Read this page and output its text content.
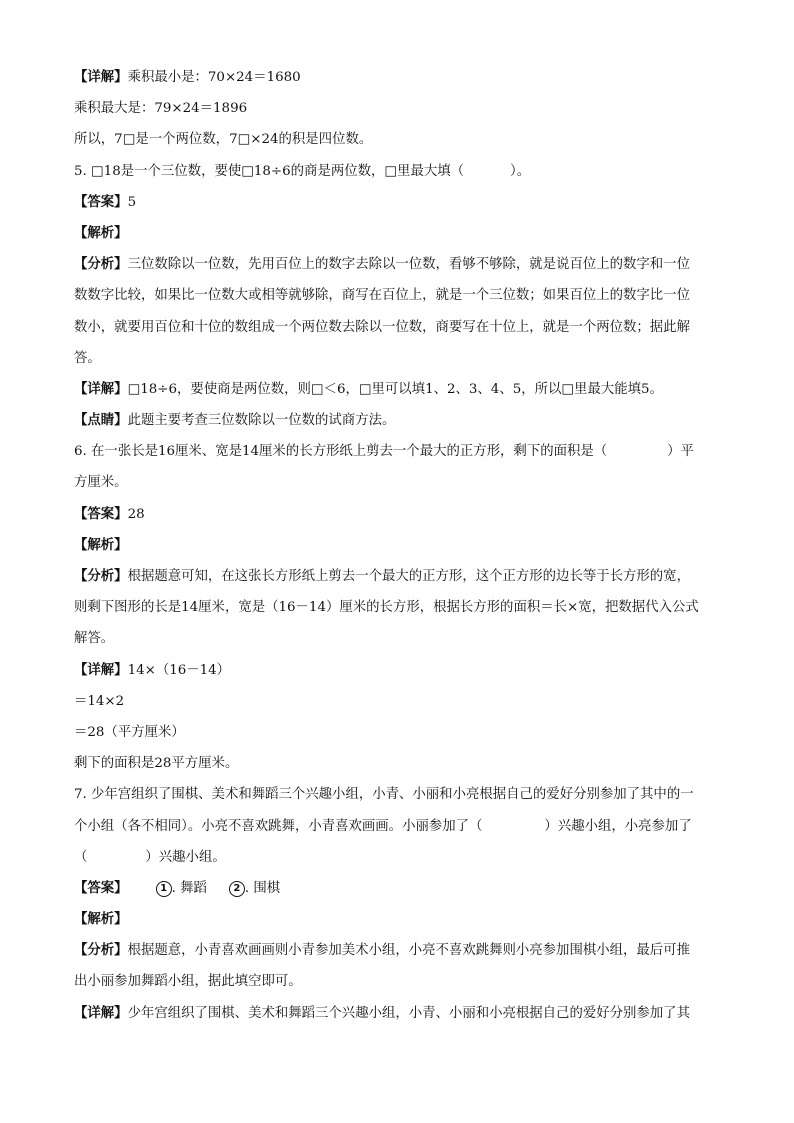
【详解】乘积最小是：70×24＝1680
乘积最大是：79×24＝1896
所以，7□是一个两位数，7□×24的积是四位数。
5. □18是一个三位数，要使□18÷6的商是两位数，□里最大填（	）。
【答案】5
【解析】
【分析】三位数除以一位数，先用百位上的数字去除以一位数，看够不够除，就是说百位上的数字和一位
数数字比较，如果比一位数大或相等就够除，商写在百位上，就是一个三位数；如果百位上的数字比一位
数小，就要用百位和十位的数组成一个两位数去除以一位数，商要写在十位上，就是一个两位数；据此解
答。
【详解】□18÷6，要使商是两位数，则□＜6，□里可以填1、2、3、4、5，所以□里最大能填5。
【点睛】此题主要考查三位数除以一位数的试商方法。
6. 在一张长是16厘米、宽是14厘米的长方形纸上剪去一个最大的正方形，剩下的面积是（	）平
方厘米。
【答案】28
【解析】
【分析】根据题意可知，在这张长方形纸上剪去一个最大的正方形，这个正方形的边长等于长方形的宽，
则剩下图形的长是14厘米，宽是（16－14）厘米的长方形，根据长方形的面积＝长×宽，把数据代入公式
解答。
【详解】14×（16－14）
＝14×2
＝28（平方厘米）
剩下的面积是28平方厘米。
7. 少年宫组织了围棋、美术和舞蹈三个兴趣小组，小青、小丽和小亮根据自己的爱好分别参加了其中的一
个小组（各不相同）。小亮不喜欢跳舞，小青喜欢画画。小丽参加了（	）兴趣小组，小亮参加了
（	）兴趣小组。
【答案】	1 . 舞蹈	2 . 围棋
【解析】
【分析】根据题意，小青喜欢画画则小青参加美术小组，小亮不喜欢跳舞则小亮参加围棋小组，最后可推
出小丽参加舞蹈小组，据此填空即可。
【详解】少年宫组织了围棋、美术和舞蹈三个兴趣小组，小青、小丽和小亮根据自己的爱好分别参加了其
